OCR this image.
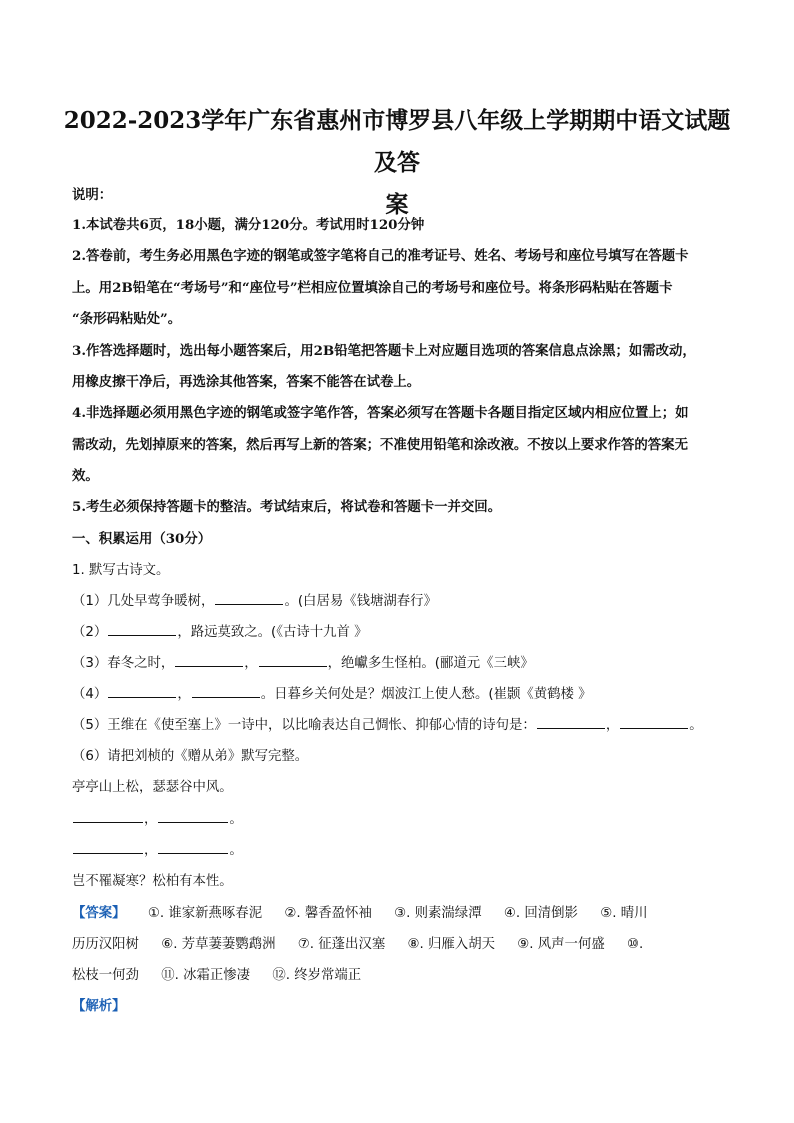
2022-2023学年广东省惠州市博罗县八年级上学期期中语文试题及答
案
说明：
1.本试卷共6页，18小题，满分120分。考试用时120分钟
2.答卷前，考生务必用黑色字迹的钢笔或签字笔将自己的准考证号、姓名、考场号和座位号填写在答题卡
上。用2B铅笔在“考场号”和“座位号”栏相应位置填涂自己的考场号和座位号。将条形码粘贴在答题卡
“条形码粘贴处”。
3.作答选择题时，选出每小题答案后，用2B铅笔把答题卡上对应题目选项的答案信息点涂黑；如需改动，
用橡皮擦干净后，再选涂其他答案，答案不能答在试卷上。
4.非选择题必须用黑色字迹的钢笔或签字笔作答，答案必须写在答题卡各题目指定区域内相应位置上；如
需改动，先划掉原来的答案，然后再写上新的答案；不准使用铅笔和涂改液。不按以上要求作答的答案无
效。
5.考生必须保持答题卡的整洁。考试结束后，将试卷和答题卡一并交回。
一、积累运用（30分）
1. 默写古诗文。
（1）几处早莺争暖树，	。(白居易《钱塘湖春行》
（2）	，路远莫致之。(《古诗十九首 》
（3）春冬之时，	，	，绝巘多生怪柏。(郦道元《三峡》
（4）	，	。日暮乡关何处是？烟波江上使人愁。(崔颢《黄鹤楼 》
（5）王维在《使至塞上》一诗中，以比喻表达自己惆怅、抑郁心情的诗句是：	，	。
（6）请把刘桢的《赠从弟》默写完整。
亭亭山上松，瑟瑟谷中风。
，	。
，	。
岂不罹凝寒？松柏有本性。
【答案】 ①. 谁家新燕啄春泥 ②. 馨香盈怀袖 ③. 则素湍绿潭 ④. 回清倒影 ⑤. 晴川
历历汉阳树 ⑥. 芳草萋萋鹦鹉洲 ⑦. 征蓬出汉塞 ⑧. 归雁入胡天 ⑨. 风声一何盛 ⑩.
松枝一何劲 ⑪. 冰霜正惨凄 ⑫. 终岁常端正
【解析】
